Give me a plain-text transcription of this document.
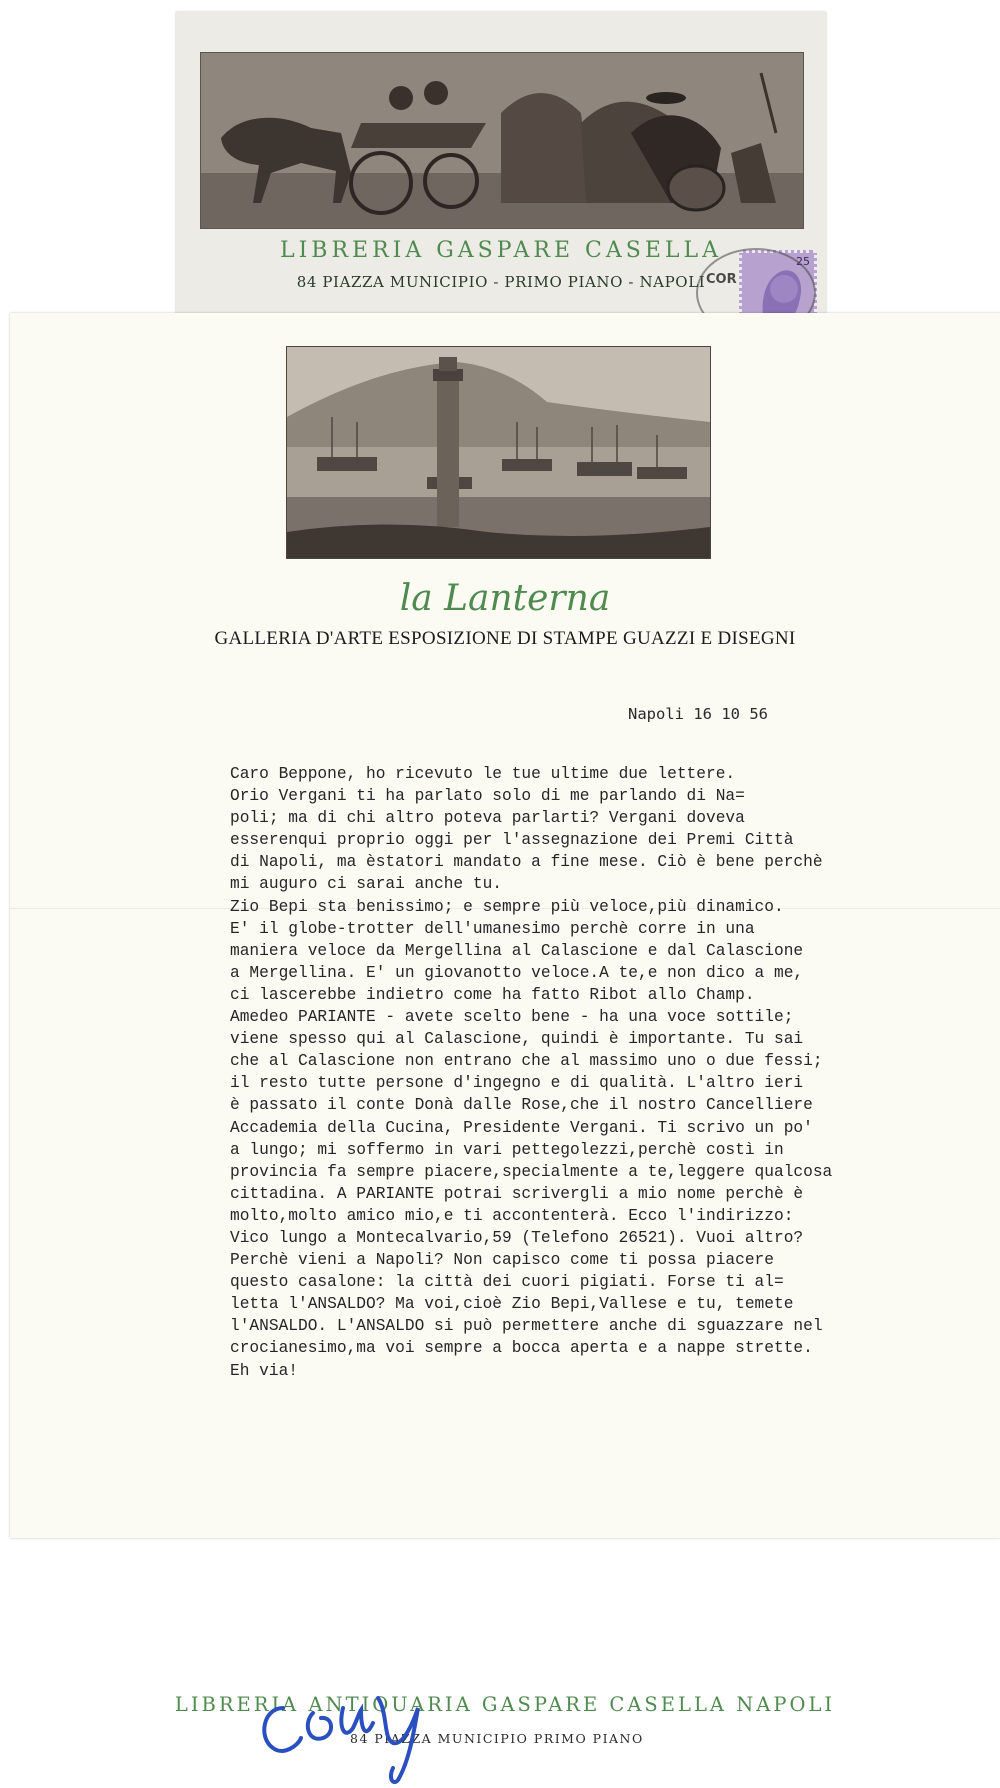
LIBRERIA GASPARE CASELLA
84 PIAZZA MUNICIPIO - PRIMO PIANO - NAPOLI
25
COR
la Lanterna
GALLERIA D'ARTE ESPOSIZIONE DI STAMPE GUAZZI E DISEGNI
Napoli 16 10 56
Caro Beppone, ho ricevuto le tue ultime due lettere.
Orio Vergani ti ha parlato solo di me parlando di Na=
poli; ma di chi altro poteva parlarti? Vergani doveva
esserenqui proprio oggi per l'assegnazione dei Premi Città
di Napoli, ma èstatori mandato a fine mese. Ciò è bene perchè
mi auguro ci sarai anche tu.
Zio Bepi sta benissimo; e sempre più veloce,più dinamico.
E' il globe-trotter dell'umanesimo perchè corre in una
maniera veloce da Mergellina al Calascione e dal Calascione
a Mergellina. E' un giovanotto veloce.A te,e non dico a me,
ci lascerebbe indietro come ha fatto Ribot allo Champ.
Amedeo PARIANTE - avete scelto bene - ha una voce sottile;
viene spesso qui al Calascione, quindi è importante. Tu sai
che al Calascione non entrano che al massimo uno o due fessi;
il resto tutte persone d'ingegno e di qualità. L'altro ieri
è passato il conte Donà dalle Rose,che il nostro Cancelliere
Accademia della Cucina, Presidente Vergani. Ti scrivo un po'
a lungo; mi soffermo in vari pettegolezzi,perchè costì in
provincia fa sempre piacere,specialmente a te,leggere qualcosa
cittadina. A PARIANTE potrai scrivergli a mio nome perchè è
molto,molto amico mio,e ti accontenterà. Ecco l'indirizzo:
Vico lungo a Montecalvario,59 (Telefono 26521). Vuoi altro?
Perchè vieni a Napoli? Non capisco come ti possa piacere
questo casalone: la città dei cuori pigiati. Forse ti al=
letta l'ANSALDO? Ma voi,cioè Zio Bepi,Vallese e tu, temete
l'ANSALDO. L'ANSALDO si può permettere anche di sguazzare nel
crocianesimo,ma voi sempre a bocca aperta e a nappe strette.
Eh via!
LIBRERIA ANTIQUARIA GASPARE CASELLA NAPOLI
84 PIAZZA MUNICIPIO PRIMO PIANO
